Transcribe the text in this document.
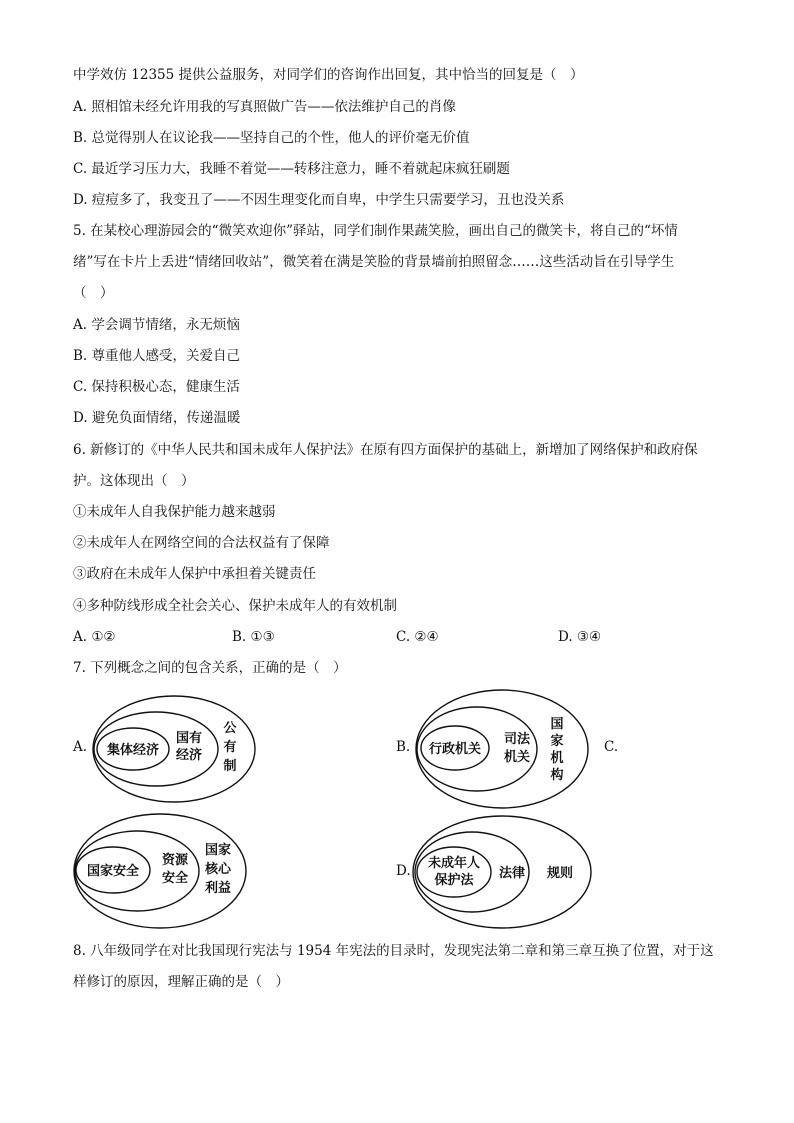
中学效仿 12355 提供公益服务，对同学们的咨询作出回复，其中恰当的回复是（　）
A. 照相馆未经允许用我的写真照做广告——依法维护自己的肖像
B. 总觉得别人在议论我——坚持自己的个性，他人的评价毫无价值
C. 最近学习压力大，我睡不着觉——转移注意力，睡不着就起床疯狂刷题
D. 痘痘多了，我变丑了——不因生理变化而自卑，中学生只需要学习，丑也没关系
5. 在某校心理游园会的“微笑欢迎你”驿站，同学们制作果蔬笑脸，画出自己的微笑卡，将自己的“坏情
绪”写在卡片上丢进“情绪回收站”，微笑着在满是笑脸的背景墙前拍照留念……这些活动旨在引导学生
（　）
A. 学会调节情绪，永无烦恼
B. 尊重他人感受，关爱自己
C. 保持积极心态，健康生活
D. 避免负面情绪，传递温暖
6. 新修订的《中华人民共和国未成年人保护法》在原有四方面保护的基础上，新增加了网络保护和政府保
护。这体现出（　）
①未成年人自我保护能力越来越弱
②未成年人在网络空间的合法权益有了保障
③政府在未成年人保护中承担着关键责任
④多种防线形成全社会关心、保护未成年人的有效机制
A. ①②	B. ①③	C. ②④	D. ③④
7. 下列概念之间的包含关系，正确的是（　）
A. 集体经济
国有
经济
公
有
制
B. 行政机关
司法
机关
国
家
机
构
C.
国家安全
资源
安全
国家
核心
利益
D. 未成年人
保护法 法律 规则
8. 八年级同学在对比我国现行宪法与 1954 年宪法的目录时，发现宪法第二章和第三章互换了位置，对于这
样修订的原因，理解正确的是（　）
